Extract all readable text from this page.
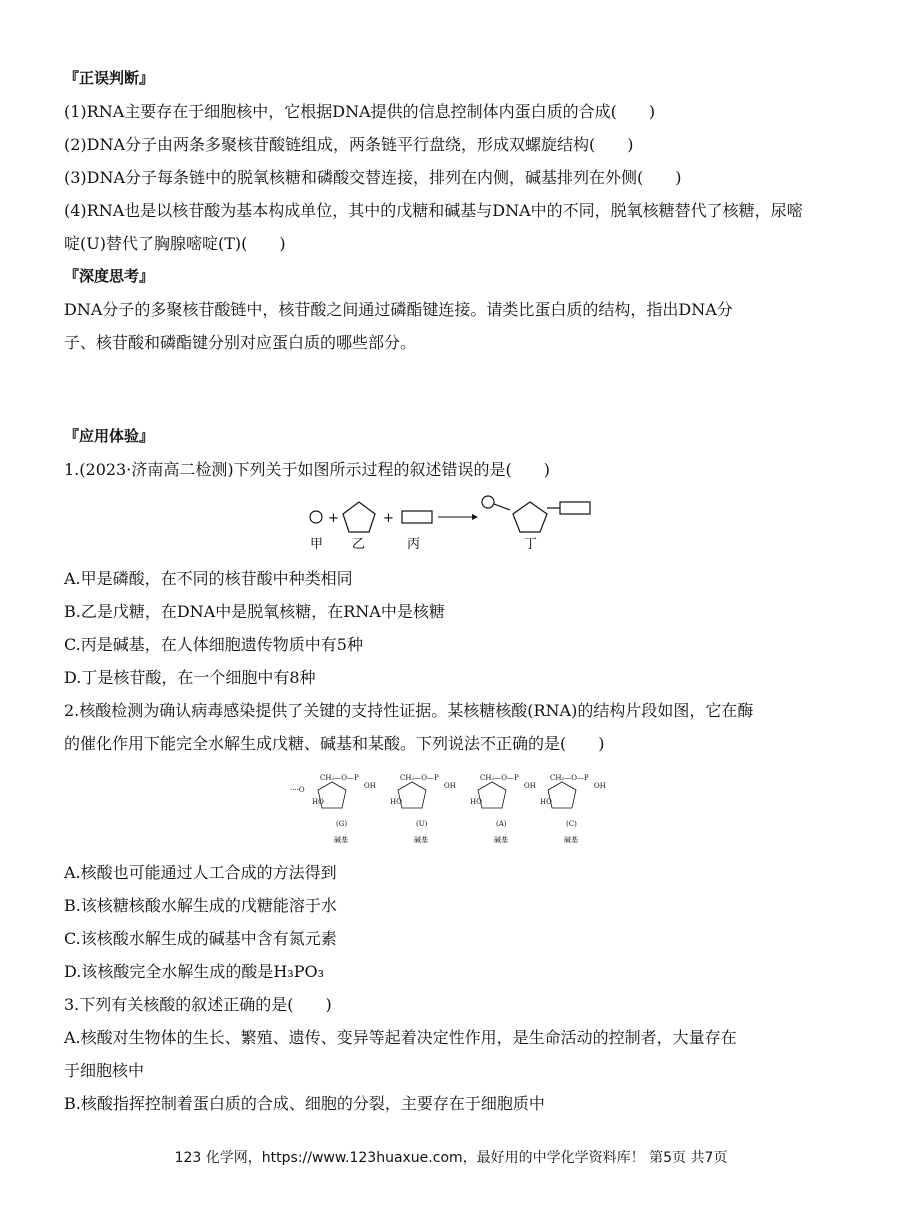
『正误判断』
(1)RNA主要存在于细胞核中，它根据DNA提供的信息控制体内蛋白质的合成(　　)
(2)DNA分子由两条多聚核苷酸链组成，两条链平行盘绕，形成双螺旋结构(　　)
(3)DNA分子每条链中的脱氧核糖和磷酸交替连接，排列在内侧，碱基排列在外侧(　　)
(4)RNA也是以核苷酸为基本构成单位，其中的戊糖和碱基与DNA中的不同，脱氧核糖替代了核糖，尿嘧
啶(U)替代了胸腺嘧啶(T)(　　)
『深度思考』
DNA分子的多聚核苷酸链中，核苷酸之间通过磷酯键连接。请类比蛋白质的结构，指出DNA分
子、核苷酸和磷酯键分别对应蛋白质的哪些部分。
『应用体验』
1.(2023·济南高二检测)下列关于如图所示过程的叙述错误的是(　　)
+	+
甲 乙	丙	丁
A.甲是磷酸，在不同的核苷酸中种类相同
B.乙是戊糖，在DNA中是脱氧核糖，在RNA中是核糖
C.丙是碱基，在人体细胞遗传物质中有5种
D.丁是核苷酸，在一个细胞中有8种
2.核酸检测为确认病毒感染提供了关键的支持性证据。某核糖核酸(RNA)的结构片段如图，它在酶
的催化作用下能完全水解生成戊糖、碱基和某酸。下列说法不正确的是(　　)
····O
CH₂—O—P
HO
(G)
碱基
OH
CH₂—O—P
HO
(U)
碱基
OH
CH₂—O—P
HO
(A)
碱基
OH
CH₂—O—P
HO
(C)
碱基
OH
A.核酸也可能通过人工合成的方法得到
B.该核糖核酸水解生成的戊糖能溶于水
C.该核酸水解生成的碱基中含有氮元素
D.该核酸完全水解生成的酸是H₃PO₃
3.下列有关核酸的叙述正确的是(　　)
A.核酸对生物体的生长、繁殖、遗传、变异等起着决定性作用，是生命活动的控制者，大量存在
于细胞核中
B.核酸指挥控制着蛋白质的合成、细胞的分裂，主要存在于细胞质中
123 化学网，https://www.123huaxue.com，最好用的中学化学资料库！ 第5页 共7页
